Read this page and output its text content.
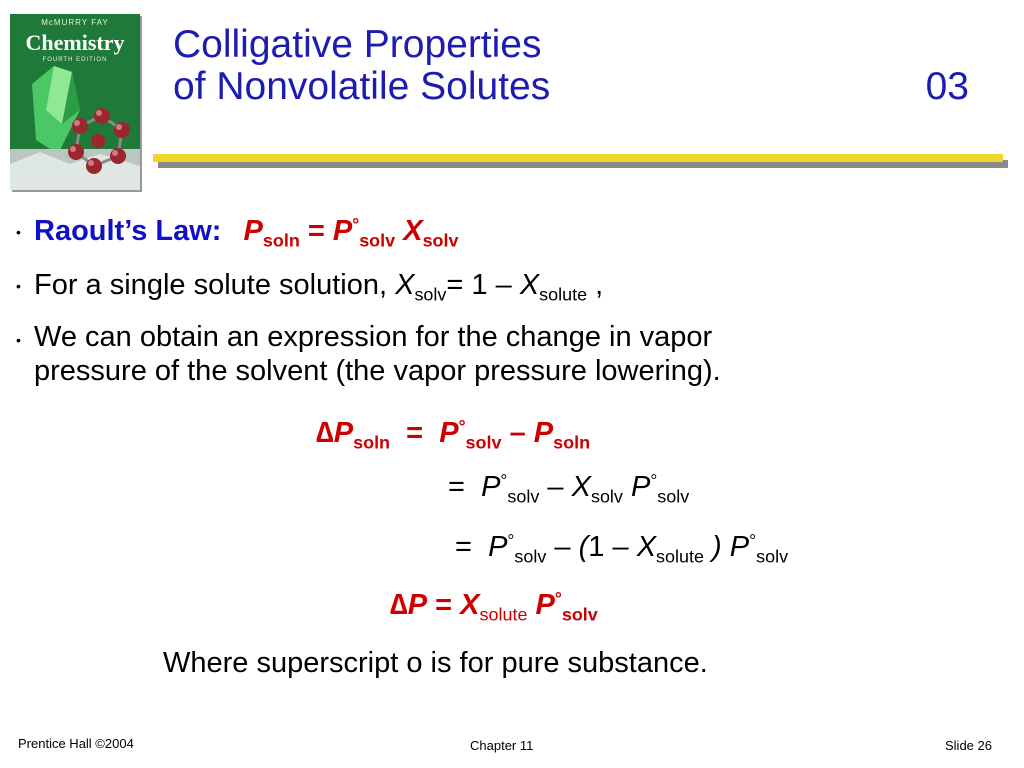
McMURRY FAY
Chemistry
FOURTH EDITION	Colligative Properties
of Nonvolatile Solutes	03
• Raoult’s Law: $P_{soln} = P^\circ_{solv}$ $X_{solv}$
• For a single solute solution, $X_{solv}= 1 - X_{solute}$ ,
• We can obtain an expression for the change in vapor
pressure of the solvent (the vapor pressure lowering).
$\Delta P_{soln} = P^\circ_{solv} - P_{soln}$
= $P^\circ_{solv} - X_{solv}$ $P^\circ_{solv}$
= $P^\circ_{solv} - (1 - X_{solute}$ ) $P^\circ_{solv}$
$\Delta P = X_{solute}$ $P^\circ_{solv}$
Where superscript o is for pure substance.
Prentice Hall ©2004	Chapter 11	Slide 26
